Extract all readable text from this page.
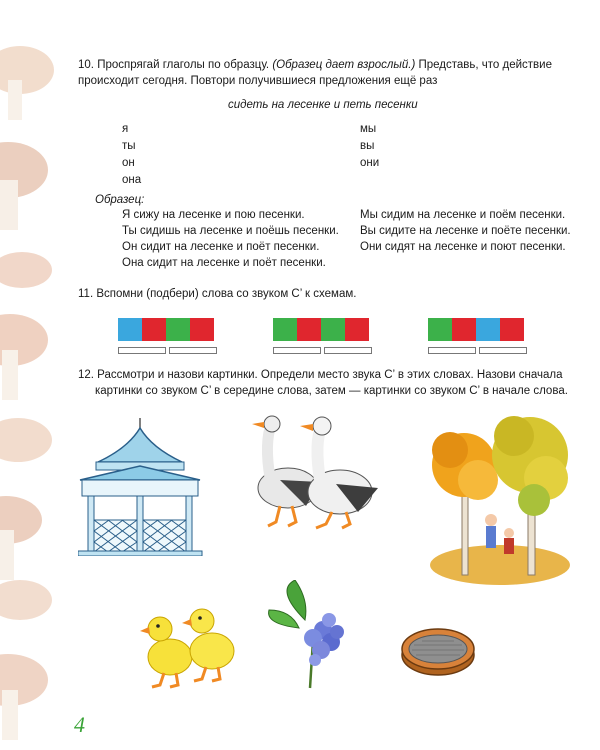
10. Проспрягай глаголы по образцу. (Образец дает взрослый.) Представь, что действие
происходит сегодня. Повтори получившиеся предложения ещё раз
сидеть на лесенке и петь песенки
я
ты
он
она
мы
вы
они
Образец:
Я сижу на лесенке и пою песенки.
Ты сидишь на лесенке и поёшь песенки.
Он сидит на лесенке и поёт песенки.
Она сидит на лесенке и поёт песенки.
Мы сидим на лесенке и поём песенки.
Вы сидите на лесенке и поёте песенки.
Они сидят на лесенке и поют песенки.
11. Вспомни (подбери) слова со звуком С’ к схемам.
12. Рассмотри и назови картинки. Определи место звука С’ в этих словах. Назови сначала
картинки со звуком С’ в середине слова, затем — картинки со звуком С’ в начале слова.
4
